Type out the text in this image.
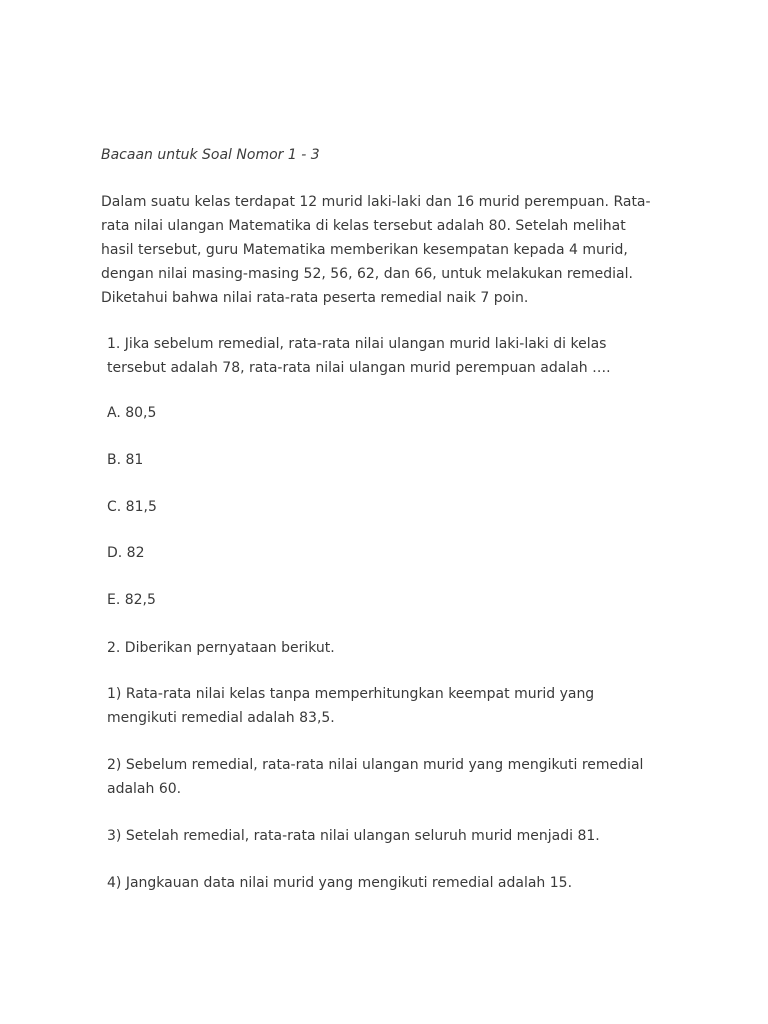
Bacaan untuk Soal Nomor 1 - 3
Dalam suatu kelas terdapat 12 murid laki-laki dan 16 murid perempuan. Rata-
rata nilai ulangan Matematika di kelas tersebut adalah 80. Setelah melihat
hasil tersebut, guru Matematika memberikan kesempatan kepada 4 murid,
dengan nilai masing-masing 52, 56, 62, dan 66, untuk melakukan remedial.
Diketahui bahwa nilai rata-rata peserta remedial naik 7 poin.
1. Jika sebelum remedial, rata-rata nilai ulangan murid laki-laki di kelas
tersebut adalah 78, rata-rata nilai ulangan murid perempuan adalah ….
A. 80,5
B. 81
C. 81,5
D. 82
E. 82,5
2. Diberikan pernyataan berikut.
1) Rata-rata nilai kelas tanpa memperhitungkan keempat murid yang
mengikuti remedial adalah 83,5.
2) Sebelum remedial, rata-rata nilai ulangan murid yang mengikuti remedial
adalah 60.
3) Setelah remedial, rata-rata nilai ulangan seluruh murid menjadi 81.
4) Jangkauan data nilai murid yang mengikuti remedial adalah 15.
